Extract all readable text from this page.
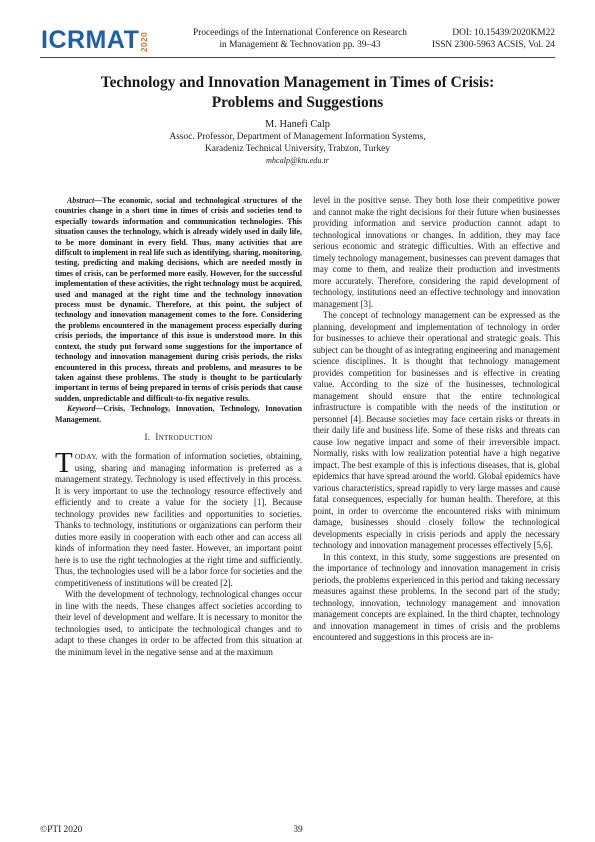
ICRMAT 2020	Proceedings of the International Conference on Research
in Management & Technovation pp. 39–43
DOI: 10.15439/2020KM22
ISSN 2300-5963 ACSIS, Vol. 24
Technology and Innovation Management in Times of Crisis:
Problems and Suggestions
M. Hanefi Calp
Assoc. Professor, Department of Management Information Systems,
Karadeniz Technical University, Trabzon, Turkey
mhcalp@ktu.edu.tr

Abstract—The economic, social and technological structures of the countries change in a short time in times of crisis and societies tend to especially towards information and communication technologies. This situation causes the technology, which is already widely used in daily life, to be more dominant in every field. Thus, many activities that are difficult to implement in real life such as identifying, sharing, monitoring, testing, predicting and making decisions, which are needed mostly in times of crisis, can be performed more easily. However, for the successful implementation of these activities, the right technology must be acquired, used and managed at the right time and the technology innovation process must be dynamic. Therefore, at this point, the subject of technology and innovation management comes to the fore. Considering the problems encountered in the management process especially during crisis periods, the importance of this issue is understood more. In this context, the study put forward some suggestions for the importance of technology and innovation management during crisis periods, the risks encountered in this process, threats and problems, and measures to be taken against these problems. The study is thought to be particularly important in terms of being prepared in terms of crisis periods that cause sudden, unpredictable and difficult-to-fix negative results.

Keyword—Crisis, Technology, Innovation, Technology, Innovation Management.

I. INTRODUCTION

TODAY, with the formation of information societies, obtaining, using, sharing and managing information is preferred as a management strategy. Technology is used effectively in this process. It is very important to use the technology resource effectively and efficiently and to create a value for the society [1]. Because technology provides new facilities and opportunities to societies. Thanks to technology, institutions or organizations can perform their duties more easily in cooperation with each other and can access all kinds of information they need faster. However, an important point here is to use the right technologies at the right time and sufficiently. Thus, the technologies used will be a labor force for societies and the competitiveness of institutions will be created [2].

With the development of technology, technological changes occur in line with the needs. These changes affect societies according to their level of development and welfare. It is necessary to monitor the technologies used, to anticipate the technological changes and to adapt to these changes in order to be affected from this situation at the minimum level in the negative sense and at the maximum

level in the positive sense. They both lose their competitive power and cannot make the right decisions for their future when businesses providing information and service production cannot adapt to technological innovations or changes. In addition, they may face serious economic and strategic difficulties. With an effective and timely technology management, businesses can prevent damages that may come to them, and realize their production and investments more accurately. Therefore, considering the rapid development of technology, institutions need an effective technology and innovation management [3].

The concept of technology management can be expressed as the planning, development and implementation of technology in order for businesses to achieve their operational and strategic goals. This subject can be thought of as integrating engineering and management science disciplines. It is thought that technology management provides competition for businesses and is effective in creating value. According to the size of the businesses, technological management should ensure that the entire technological infrastructure is compatible with the needs of the institution or personnel [4]. Because societies may face certain risks or threats in their daily life and business life. Some of these risks and threats can cause low negative impact and some of their irreversible impact. Normally, risks with low realization potential have a high negative impact. The best example of this is infectious diseases, that is, global epidemics that have spread around the world. Global epidemics have various characteristics, spread rapidly to very large masses and cause fatal consequences, especially for human health. Therefore, at this point, in order to overcome the encountered risks with minimum damage, businesses should closely follow the technological developments especially in crisis periods and apply the necessary technology and innovation management processes effectively [5,6].

In this context, in this study, some suggestions are presented on the importance of technology and innovation management in crisis periods, the problems experienced in this period and taking necessary measures against these problems. In the second part of the study; technology, innovation, technology management and innovation management concepts are explained. In the third chapter, technology and innovation management in times of crisis and the problems encountered and suggestions in this process are in-

©PTI 2020	39
